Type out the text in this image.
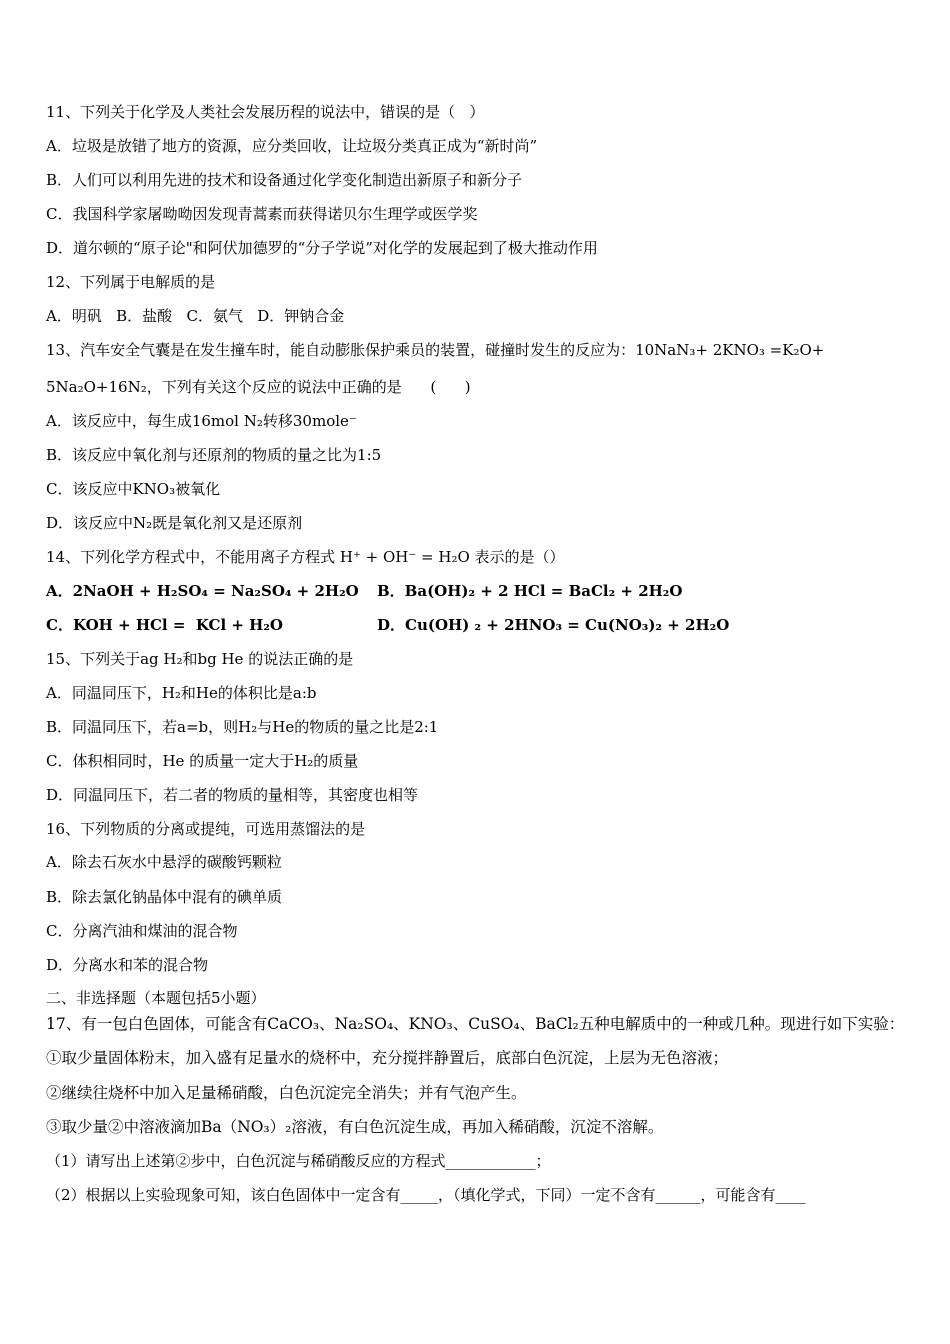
11、下列关于化学及人类社会发展历程的说法中，错误的是（   ）
A．垃圾是放错了地方的资源，应分类回收，让垃圾分类真正成为“新时尚”
B．人们可以利用先进的技术和设备通过化学变化制造出新原子和新分子
C．我国科学家屠呦呦因发现青蒿素而获得诺贝尔生理学或医学奖
D．道尔顿的“原子论"和阿伏加德罗的“分子学说”对化学的发展起到了极大推动作用
12、下列属于电解质的是
A．明矾   B．盐酸   C．氨气   D．钾钠合金
13、汽车安全气囊是在发生撞车时，能自动膨胀保护乘员的装置，碰撞时发生的反应为：10NaN₃+ 2KNO₃ =K₂O+
5Na₂O+16N₂，下列有关这个反应的说法中正确的是      (      )
A．该反应中，每生成16mol N₂转移30mole⁻
B．该反应中氧化剂与还原剂的物质的量之比为1:5
C．该反应中KNO₃被氧化
D．该反应中N₂既是氧化剂又是还原剂
14、下列化学方程式中，不能用离子方程式 H⁺ + OH⁻ = H₂O 表示的是（）
A．2NaOH + H₂SO₄ = Na₂SO₄ + 2H₂O B．Ba(OH)₂ + 2 HCl = BaCl₂ + 2H₂O
C．KOH + HCl =  KCl + H₂O	D．Cu(OH) ₂ + 2HNO₃ = Cu(NO₃)₂ + 2H₂O
15、下列关于ag H₂和bg He 的说法正确的是
A．同温同压下，H₂和He的体积比是a:b
B．同温同压下，若a=b，则H₂与He的物质的量之比是2:1
C．体积相同时，He 的质量一定大于H₂的质量
D．同温同压下，若二者的物质的量相等，其密度也相等
16、下列物质的分离或提纯，可选用蒸馏法的是
A．除去石灰水中悬浮的碳酸钙颗粒
B．除去氯化钠晶体中混有的碘单质
C．分离汽油和煤油的混合物
D．分离水和苯的混合物
二、非选择题（本题包括5小题）
17、有一包白色固体，可能含有CaCO₃、Na₂SO₄、KNO₃、CuSO₄、BaCl₂五种电解质中的一种或几种。现进行如下实验：
①取少量固体粉末，加入盛有足量水的烧杯中，充分搅拌静置后，底部白色沉淀，上层为无色溶液；
②继续往烧杯中加入足量稀硝酸，白色沉淀完全消失；并有气泡产生。
③取少量②中溶液滴加Ba（NO₃）₂溶液，有白色沉淀生成，再加入稀硝酸，沉淀不溶解。
（1）请写出上述第②步中，白色沉淀与稀硝酸反应的方程式____________；
（2）根据以上实验现象可知，该白色固体中一定含有_____，（填化学式，下同）一定不含有______，可能含有____
